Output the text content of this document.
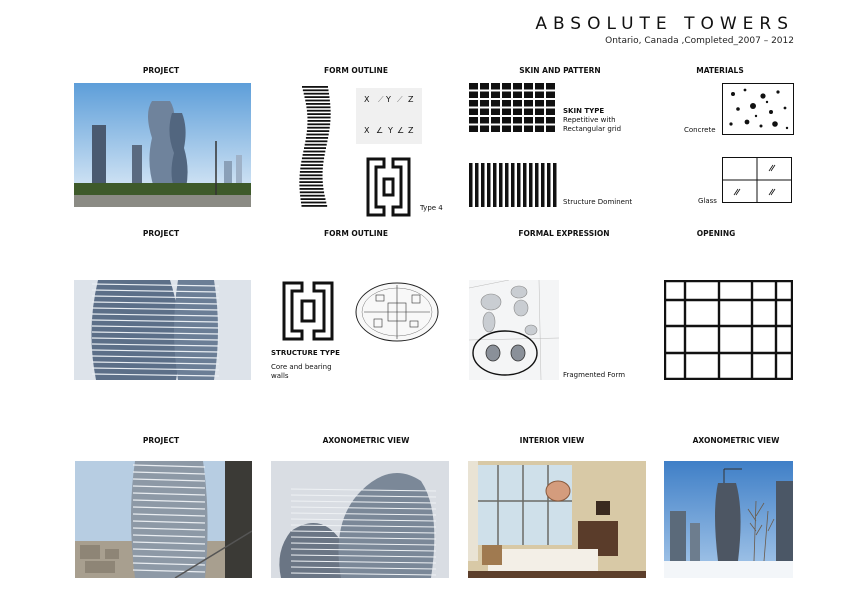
ABSOLUTE TOWERS
Ontario, Canada ,Completed_2007 – 2012
PROJECT	FORM OUTLINE	SKIN AND PATTERN	MATERIALS
X ⟋ Y ⟋ Z
X ∠ Y ∠ Z
Type 4
SKIN TYPE
Repetitive with
Rectangular grid
Structure Dominent
Concrete
Glass
PROJECT	FORM OUTLINE	FORMAL EXPRESSION	OPENING
STRUCTURE TYPE
Core and bearing
walls	Fragmented Form
PROJECT	AXONOMETRIC VIEW	INTERIOR VIEW	AXONOMETRIC VIEW
